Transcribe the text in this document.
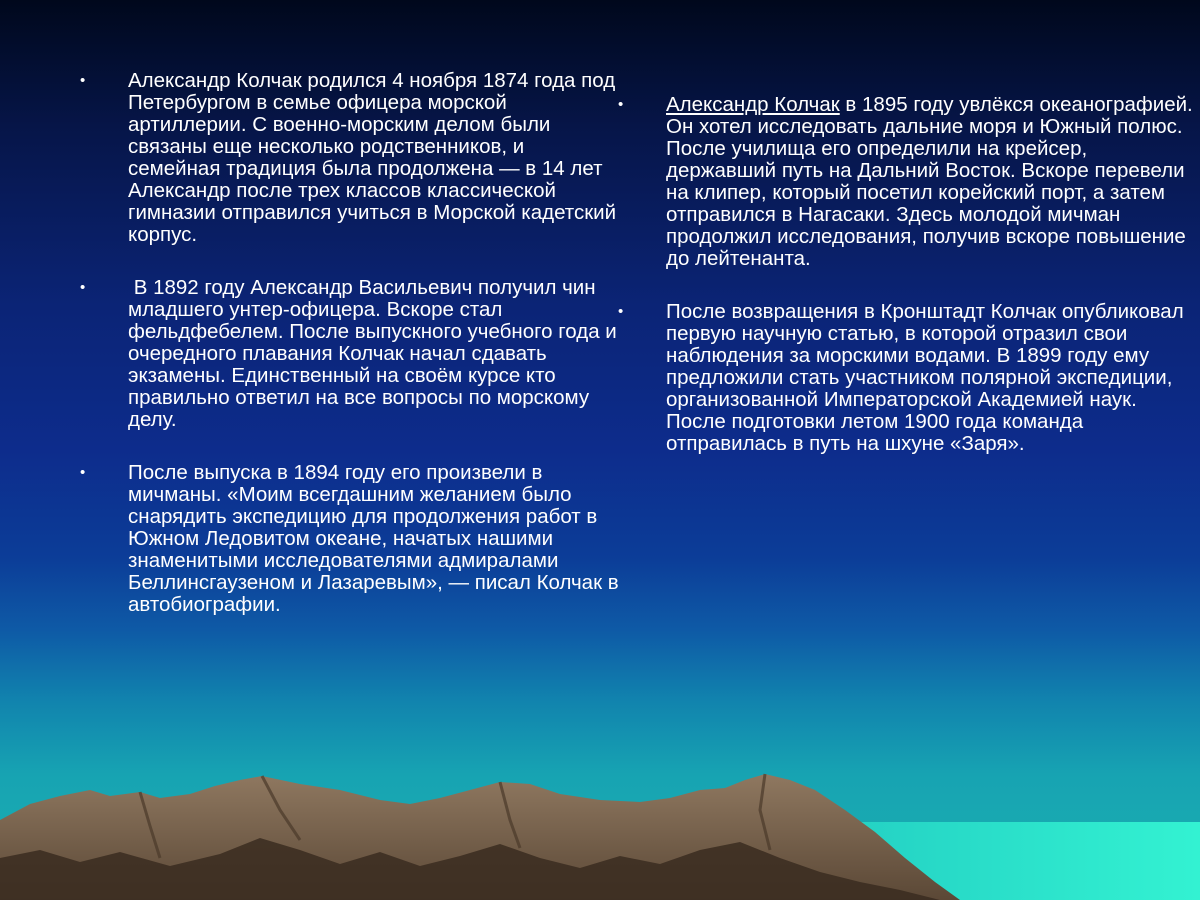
• Александр Колчак родился 4 ноября 1874 года под Петербургом в семье офицера морской артиллерии. С военно-морским делом были связаны еще несколько родственников, и семейная традиция была продолжена — в 14 лет Александр после трех классов классической гимназии отправился учиться в Морской кадетский корпус.
• В 1892 году Александр Васильевич получил чин младшего унтер-офицера. Вскоре стал фельдфебелем. После выпускного учебного года и очередного плавания Колчак начал сдавать экзамены. Единственный на своём курсе кто правильно ответил на все вопросы по морскому делу.
• После выпуска в 1894 году его произвели в мичманы. «Моим всегдашним желанием было снарядить экспедицию для продолжения работ в Южном Ледовитом океане, начатых нашими знаменитыми исследователями адмиралами Беллинсгаузеном и Лазаревым», — писал Колчак в автобиографии.
• Александр Колчак в 1895 году увлёкся океанографией. Он хотел исследовать дальние моря и Южный полюс. После училища его определили на крейсер, державший путь на Дальний Восток. Вскоре перевели на клипер, который посетил корейский порт, а затем отправился в Нагасаки. Здесь молодой мичман продолжил исследования, получив вскоре повышение до лейтенанта.
• После возвращения в Кронштадт Колчак опубликовал первую научную статью, в которой отразил свои наблюдения за морскими водами. В 1899 году ему предложили стать участником полярной экспедиции, организованной Императорской Академией наук. После подготовки летом 1900 года команда отправилась в путь на шхуне «Заря».
